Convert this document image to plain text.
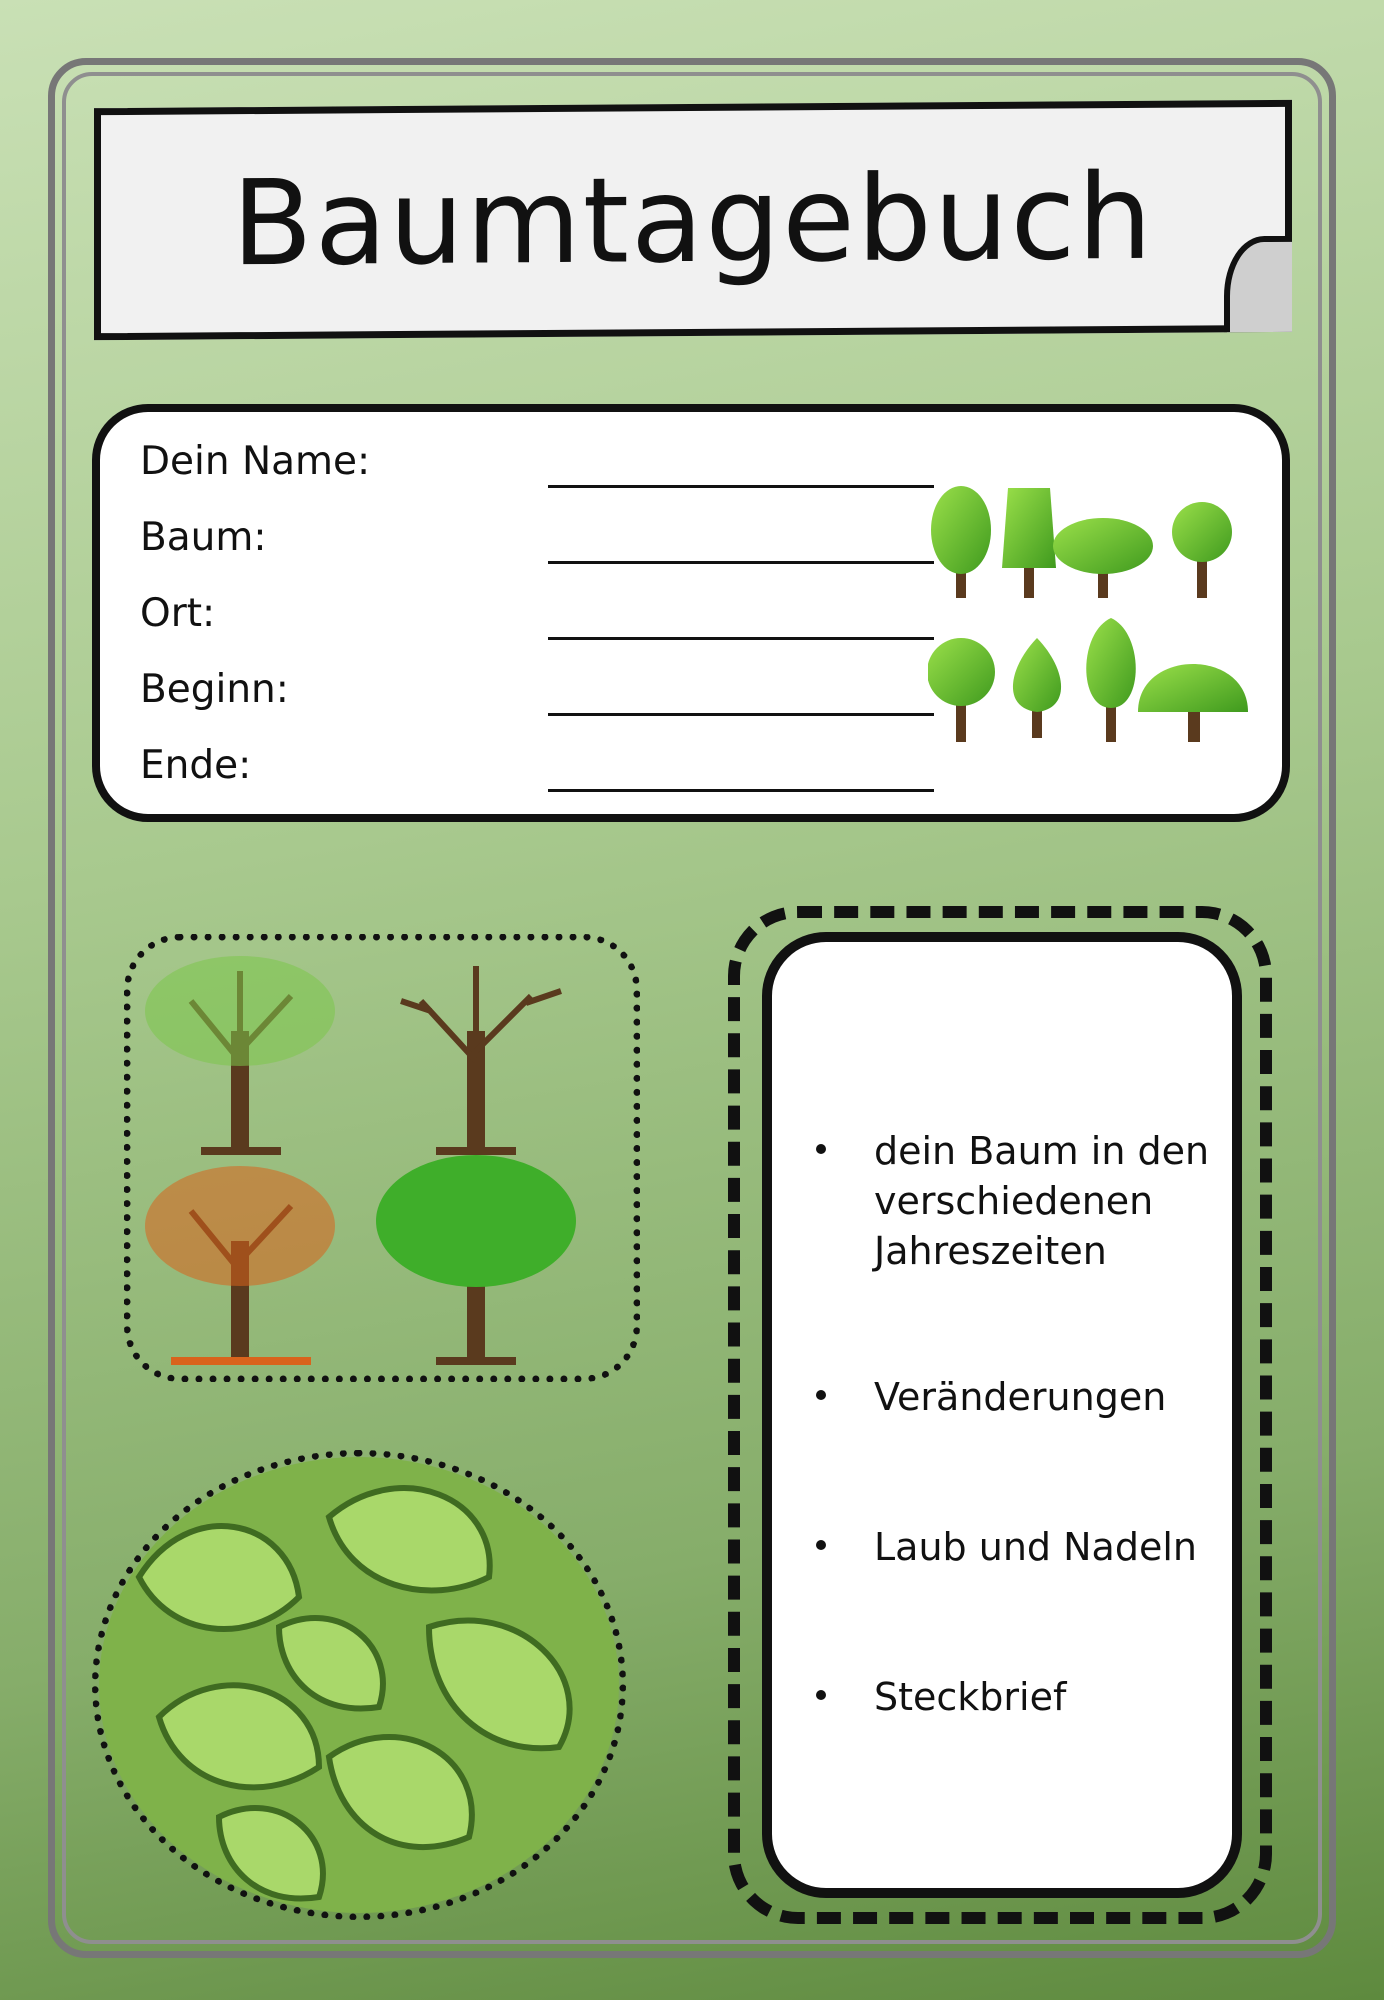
Baumtagebuch
Dein Name:
Baum:
Ort:
Beginn:
Ende:
dein Baum in den
verschiedenen
Jahreszeiten
Veränderungen
Laub und Nadeln
Steckbrief
